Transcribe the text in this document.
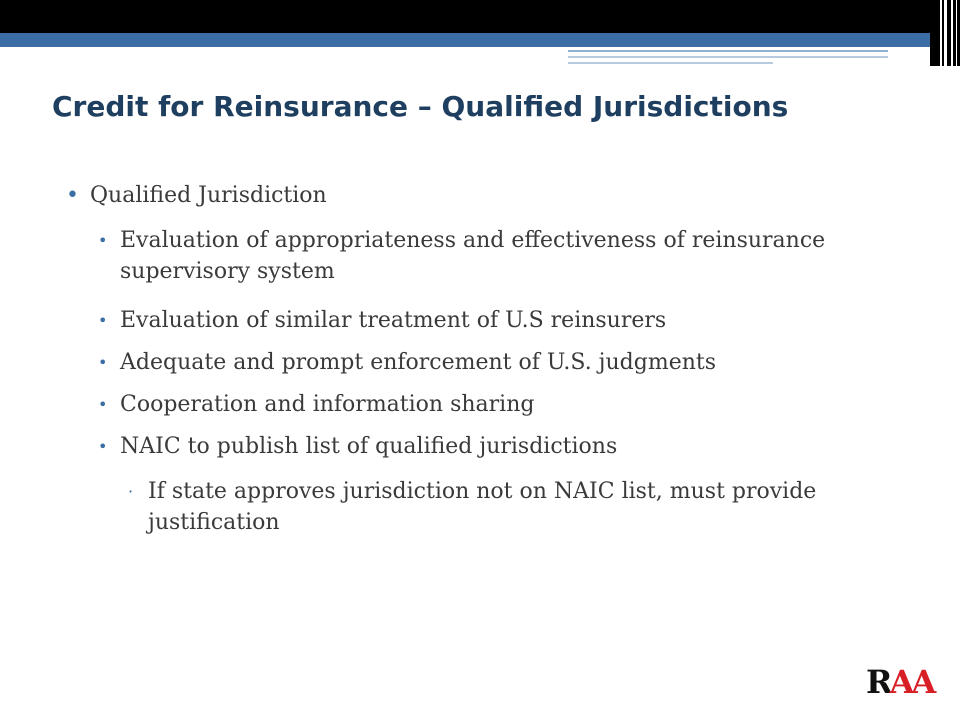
Credit for Reinsurance – Qualified Jurisdictions
• Qualified Jurisdiction
• Evaluation of appropriateness and effectiveness of reinsurance supervisory system
• Evaluation of similar treatment of U.S reinsurers
• Adequate and prompt enforcement of U.S. judgments
• Cooperation and information sharing
• NAIC to publish list of qualified jurisdictions
· If state approves jurisdiction not on NAIC list, must provide justification
RAA
